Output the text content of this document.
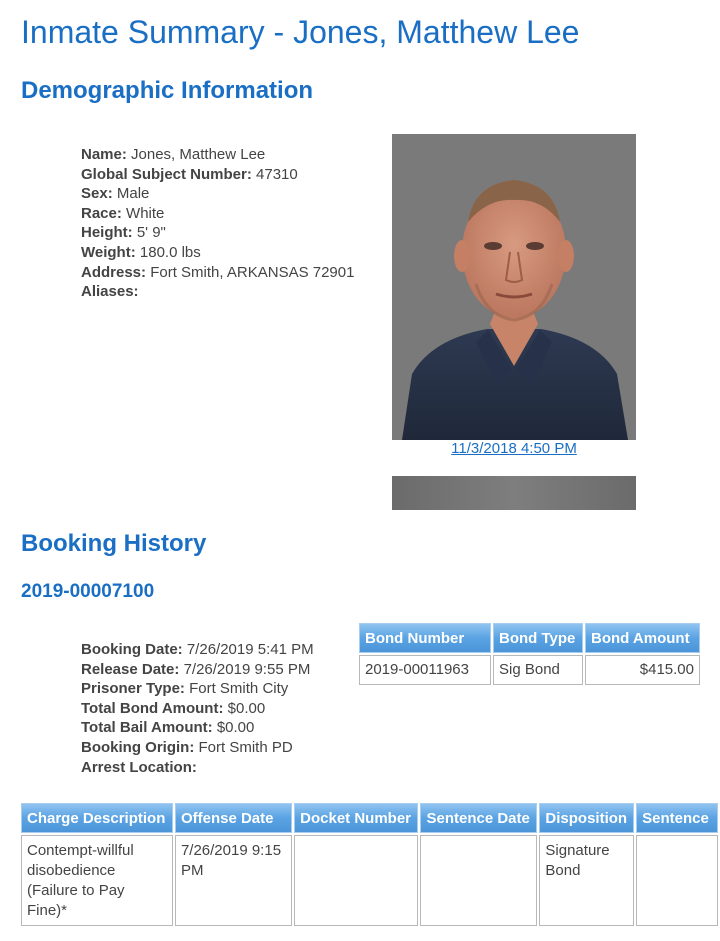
Inmate Summary - Jones, Matthew Lee
Demographic Information
Name: Jones, Matthew Lee
Global Subject Number: 47310
Sex: Male
Race: White
Height: 5' 9"
Weight: 180.0 lbs
Address: Fort Smith, ARKANSAS 72901
Aliases:
11/3/2018 4:50 PM
Booking History
2019-00007100
Booking Date: 7/26/2019 5:41 PM
Release Date: 7/26/2019 9:55 PM
Prisoner Type: Fort Smith City
Total Bond Amount: $0.00
Total Bail Amount: $0.00
Booking Origin: Fort Smith PD
Arrest Location:
Bond Number	Bond Type	Bond Amount
2019-00011963	Sig Bond	$415.00
Charge Description	Offense Date	Docket Number	Sentence Date	Disposition	Sentence
Contempt-willful disobedience (Failure to Pay Fine)*	7/26/2019 9:15 PM			Signature Bond	
